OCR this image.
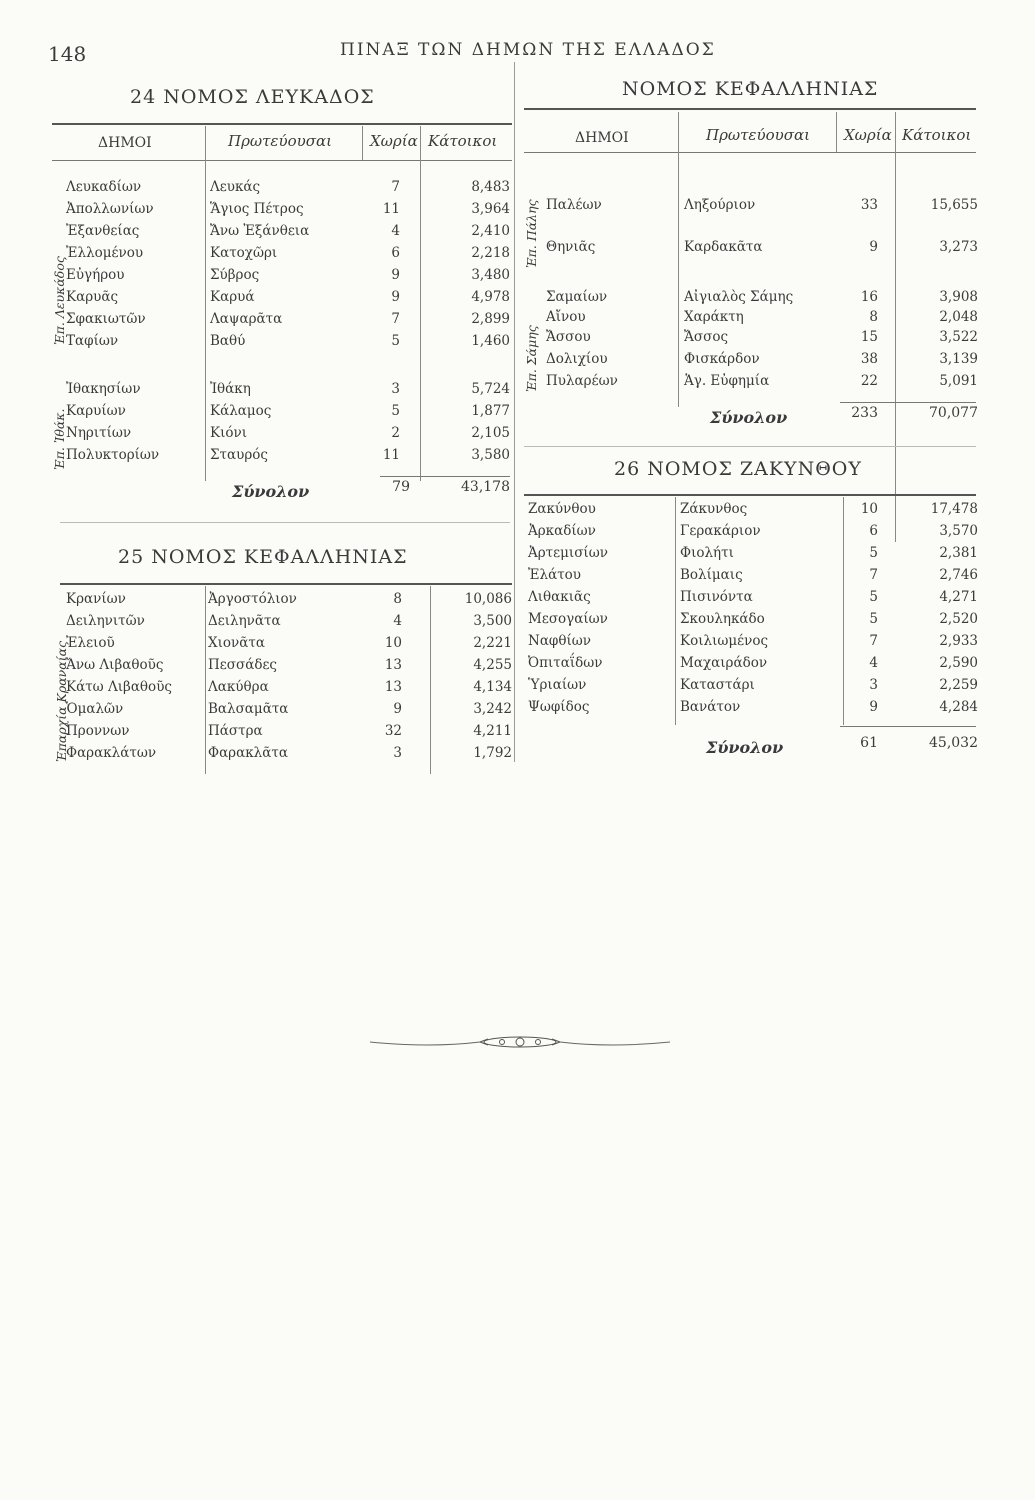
148	ΠΙΝΑΞ ΤΩΝ ΔΗΜΩΝ ΤΗΣ ΕΛΛΑΔΟΣ
24 ΝΟΜΟΣ ΛΕΥΚΑΔΟΣ
ΔΗΜΟΙ	Πρωτεύουσαι	Χωρία Κάτοικοι
Ἐπ. Λευκάδος
Ἐπ. Ἰθάκ.
Λευκαδίων	Λευκάς	7	8,483
Ἀπολλωνίων	Ἅγιος Πέτρος	11	3,964
Ἐξανθείας	Ἄνω Ἐξάνθεια	4	2,410
Ἐλλομένου	Κατοχῶρι	6	2,218
Εὐγήρου	Σύβρος	9	3,480
Καρυᾶς	Καρυά	9	4,978
Σφακιωτῶν	Λαψαρᾶτα	7	2,899
Ταφίων	Βαθύ	5	1,460
Ἰθακησίων	Ἰθάκη	3	5,724
Καρυίων	Κάλαμος	5	1,877
Νηριτίων	Κιόνι	2	2,105
Πολυκτορίων	Σταυρός	11	3,580
Σύνολον	79	43,178
25 ΝΟΜΟΣ ΚΕΦΑΛΛΗΝΙΑΣ
Ἐπαρχία Κραναίας
Κρανίων	Ἀργοστόλιον	8	10,086
Δειληνιτῶν	Δειληνᾶτα	4	3,500
Ἐλειοῦ	Χιονᾶτα	10	2,221
Ἄνω Λιβαθοῦς	Πεσσάδες	13	4,255
Κάτω Λιβαθοῦς	Λακύθρα	13	4,134
Ὁμαλῶν	Βαλσαμᾶτα	9	3,242
Προννων	Πάστρα	32	4,211
Φαρακλάτων	Φαρακλᾶτα	3	1,792
ΝΟΜΟΣ ΚΕΦΑΛΛΗΝΙΑΣ
ΔΗΜΟΙ	Πρωτεύουσαι Χωρία Κάτοικοι
Ἐπ. Πάλης
Ἐπ. Σάμης
Παλέων	Ληξούριον	33	15,655
Θηνιᾶς	Καρδακᾶτα	9	3,273
Σαμαίων	Αἰγιαλὸς Σάμης	16	3,908
Αἴνου	Χαράκτη	8	2,048
Ἄσσου	Ἄσσος	15	3,522
Δολιχίου	Φισκάρδον	38	3,139
Πυλαρέων	Ἁγ. Εὐφημία	22	5,091
Σύνολον	233	70,077
26 ΝΟΜΟΣ ΖΑΚΥΝΘΟΥ
Ζακύνθου	Ζάκυνθος	10	17,478
Ἀρκαδίων	Γερακάριον	6	3,570
Ἀρτεμισίων	Φιολήτι	5	2,381
Ἐλάτου	Βολίμαις	7	2,746
Λιθακιᾶς	Πισινόντα	5	4,271
Μεσογαίων	Σκουληκάδο	5	2,520
Ναφθίων	Κοιλιωμένος	7	2,933
Ὀπιταΐδων	Μαχαιράδον	4	2,590
Ὑριαίων	Καταστάρι	3	2,259
Ψωφίδος	Βανάτον	9	4,284
Σύνολον	61	45,032
